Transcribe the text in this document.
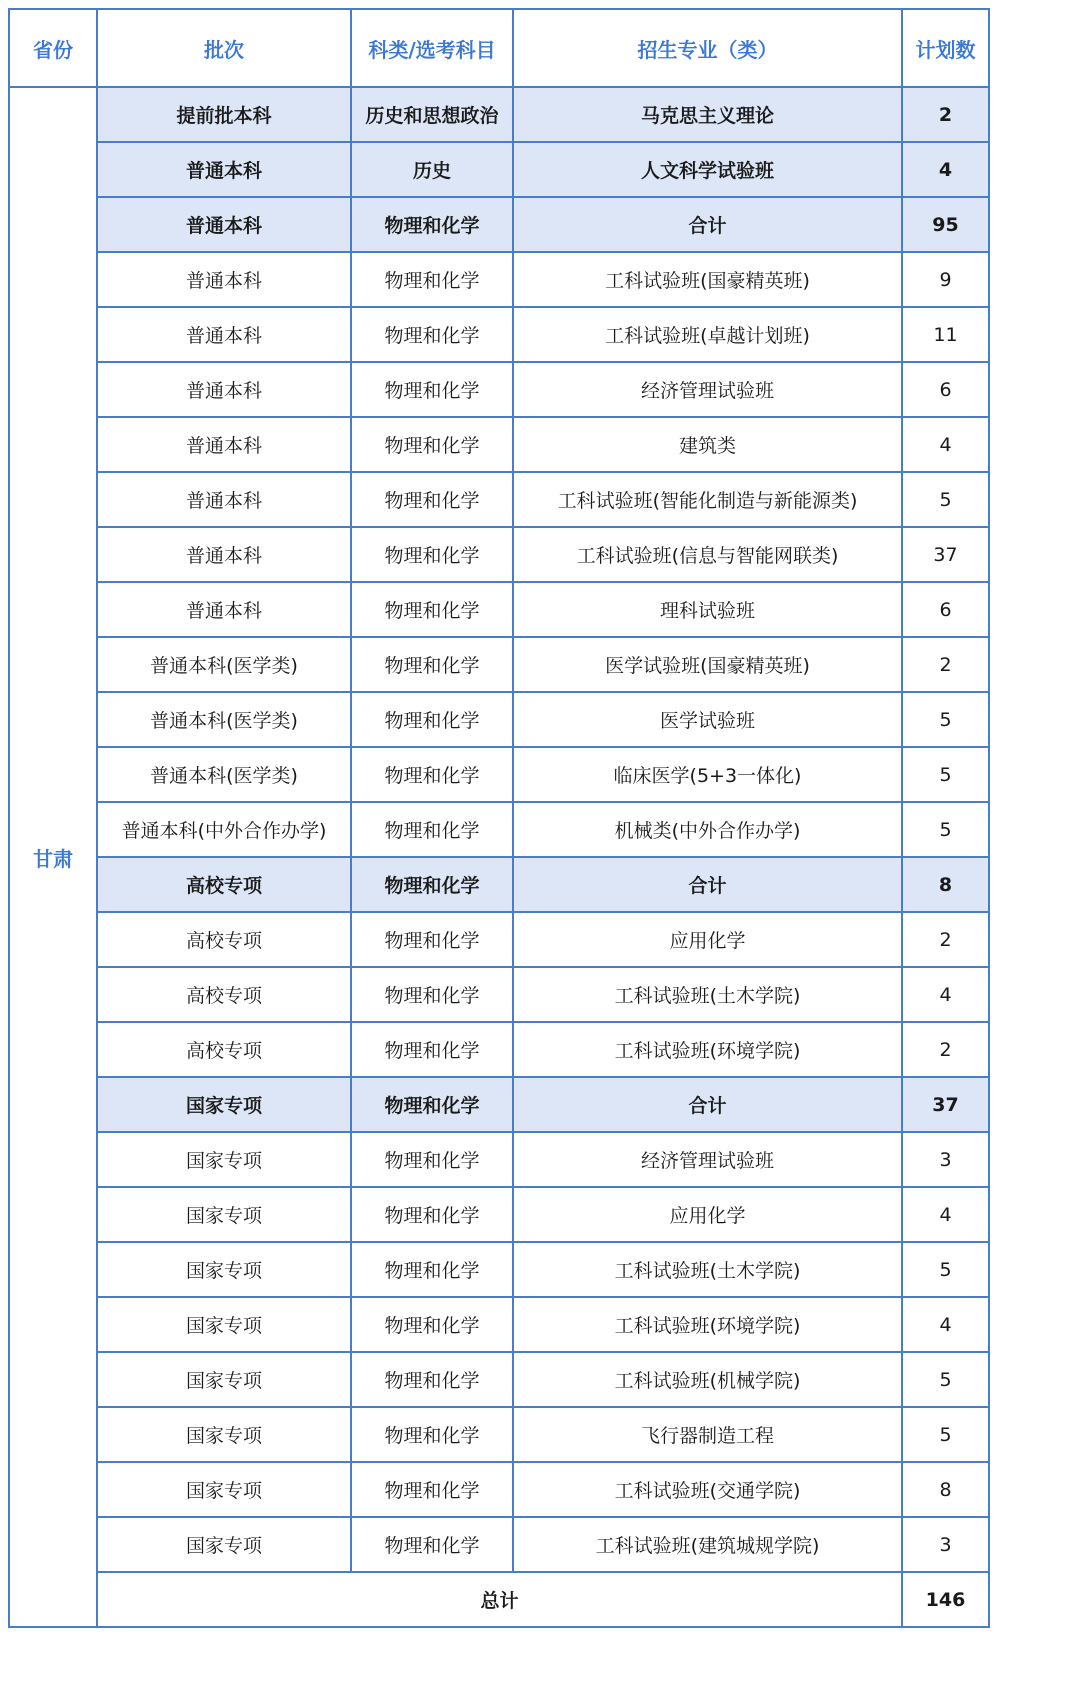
省份	批次	科类/选考科目	招生专业（类）	计划数
甘肃	提前批本科	历史和思想政治	马克思主义理论	2
	普通本科	历史	人文科学试验班	4
	普通本科	物理和化学	合计	95
	普通本科	物理和化学	工科试验班(国豪精英班)	9
	普通本科	物理和化学	工科试验班(卓越计划班)	11
	普通本科	物理和化学	经济管理试验班	6
	普通本科	物理和化学	建筑类	4
	普通本科	物理和化学	工科试验班(智能化制造与新能源类)	5
	普通本科	物理和化学	工科试验班(信息与智能网联类)	37
	普通本科	物理和化学	理科试验班	6
	普通本科(医学类)	物理和化学	医学试验班(国豪精英班)	2
	普通本科(医学类)	物理和化学	医学试验班	5
	普通本科(医学类)	物理和化学	临床医学(5+3一体化)	5
	普通本科(中外合作办学)	物理和化学	机械类(中外合作办学)	5
	高校专项	物理和化学	合计	8
	高校专项	物理和化学	应用化学	2
	高校专项	物理和化学	工科试验班(土木学院)	4
	高校专项	物理和化学	工科试验班(环境学院)	2
	国家专项	物理和化学	合计	37
	国家专项	物理和化学	经济管理试验班	3
	国家专项	物理和化学	应用化学	4
	国家专项	物理和化学	工科试验班(土木学院)	5
	国家专项	物理和化学	工科试验班(环境学院)	4
	国家专项	物理和化学	工科试验班(机械学院)	5
	国家专项	物理和化学	飞行器制造工程	5
	国家专项	物理和化学	工科试验班(交通学院)	8
	国家专项	物理和化学	工科试验班(建筑城规学院)	3
	总计			146
